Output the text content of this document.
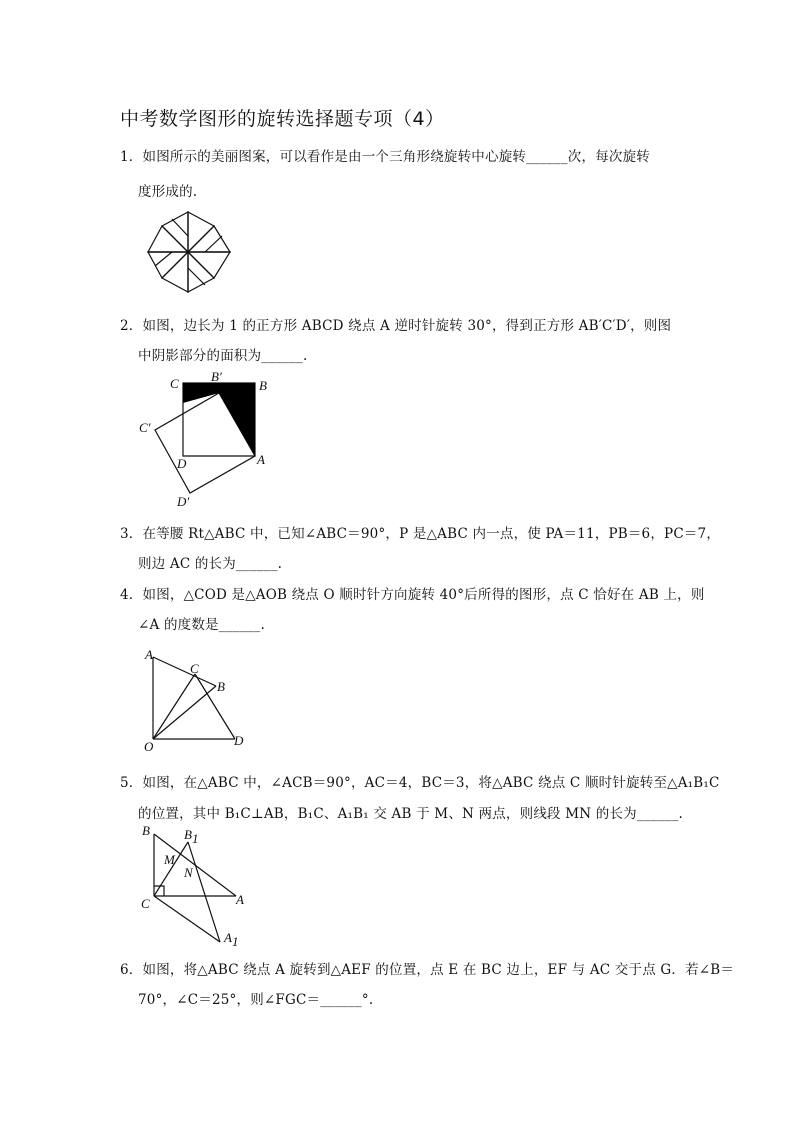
中考数学图形的旋转选择题专项（4）
1．如图所示的美丽图案，可以看作是由一个三角形绕旋转中心旋转______次，每次旋转
度形成的.
2．如图，边长为 1 的正方形 ABCD 绕点 A 逆时针旋转 30°，得到正方形 AB′C′D′，则图
中阴影部分的面积为______.
C B′
B
C′
D	A
D′
3．在等腰 Rt△ABC 中，已知∠ABC＝90°，P 是△ABC 内一点，使 PA＝11，PB＝6，PC＝7，
则边 AC 的长为______.
4．如图，△COD 是△AOB 绕点 O 顺时针方向旋转 40°后所得的图形，点 C 恰好在 AB 上，则
∠A 的度数是______.
A
C
B
O	D
5．如图，在△ABC 中，∠ACB＝90°，AC＝4，BC＝3，将△ABC 绕点 C 顺时针旋转至△A₁B₁C
的位置，其中 B₁C⊥AB，B₁C、A₁B₁ 交 AB 于 M、N 两点，则线段 MN 的长为______.
B	B1
M
N
C	A
A1
6．如图，将△ABC 绕点 A 旋转到△AEF 的位置，点 E 在 BC 边上，EF 与 AC 交于点 G．若∠B＝
70°，∠C＝25°，则∠FGC＝______°.
